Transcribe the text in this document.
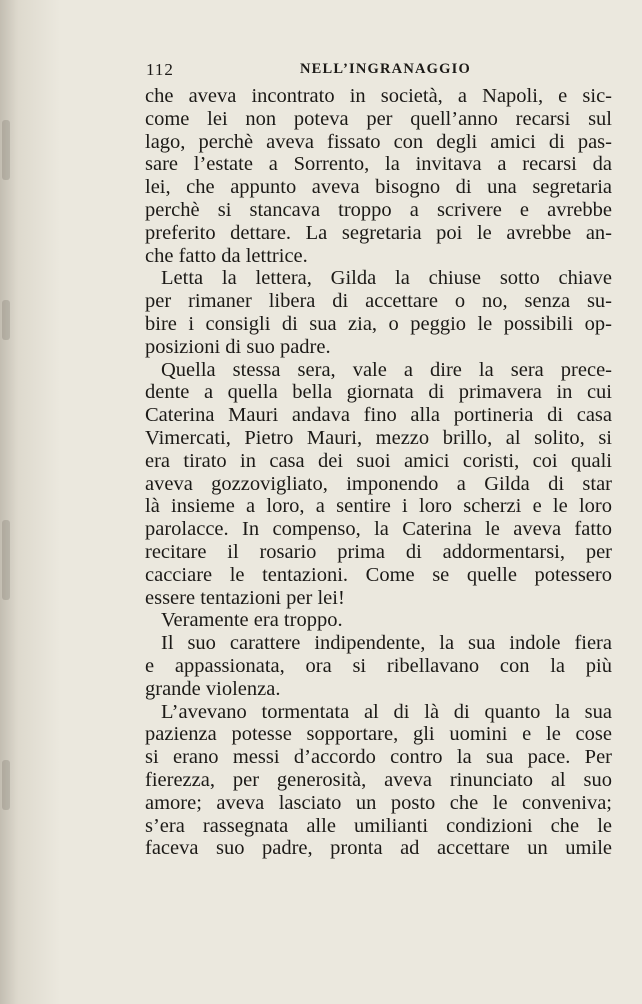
112	NELL’INGRANAGGIO
che aveva incontrato in società, a Napoli, e sic-
come lei non poteva per quell’anno recarsi sul
lago, perchè aveva fissato con degli amici di pas-
sare l’estate a Sorrento, la invitava a recarsi da
lei, che appunto aveva bisogno di una segretaria
perchè si stancava troppo a scrivere e avrebbe
preferito dettare. La segretaria poi le avrebbe an-
che fatto da lettrice.
Letta la lettera, Gilda la chiuse sotto chiave
per rimaner libera di accettare o no, senza su-
bire i consigli di sua zia, o peggio le possibili op-
posizioni di suo padre.
Quella stessa sera, vale a dire la sera prece-
dente a quella bella giornata di primavera in cui
Caterina Mauri andava fino alla portineria di casa
Vimercati, Pietro Mauri, mezzo brillo, al solito, si
era tirato in casa dei suoi amici coristi, coi quali
aveva gozzovigliato, imponendo a Gilda di star
là insieme a loro, a sentire i loro scherzi e le loro
parolacce. In compenso, la Caterina le aveva fatto
recitare il rosario prima di addormentarsi, per
cacciare le tentazioni. Come se quelle potessero
essere tentazioni per lei!
Veramente era troppo.
Il suo carattere indipendente, la sua indole fiera
e appassionata, ora si ribellavano con la più
grande violenza.
L’avevano tormentata al di là di quanto la sua
pazienza potesse sopportare, gli uomini e le cose
si erano messi d’accordo contro la sua pace. Per
fierezza, per generosità, aveva rinunciato al suo
amore; aveva lasciato un posto che le conveniva;
s’era rassegnata alle umilianti condizioni che le
faceva suo padre, pronta ad accettare un umile
